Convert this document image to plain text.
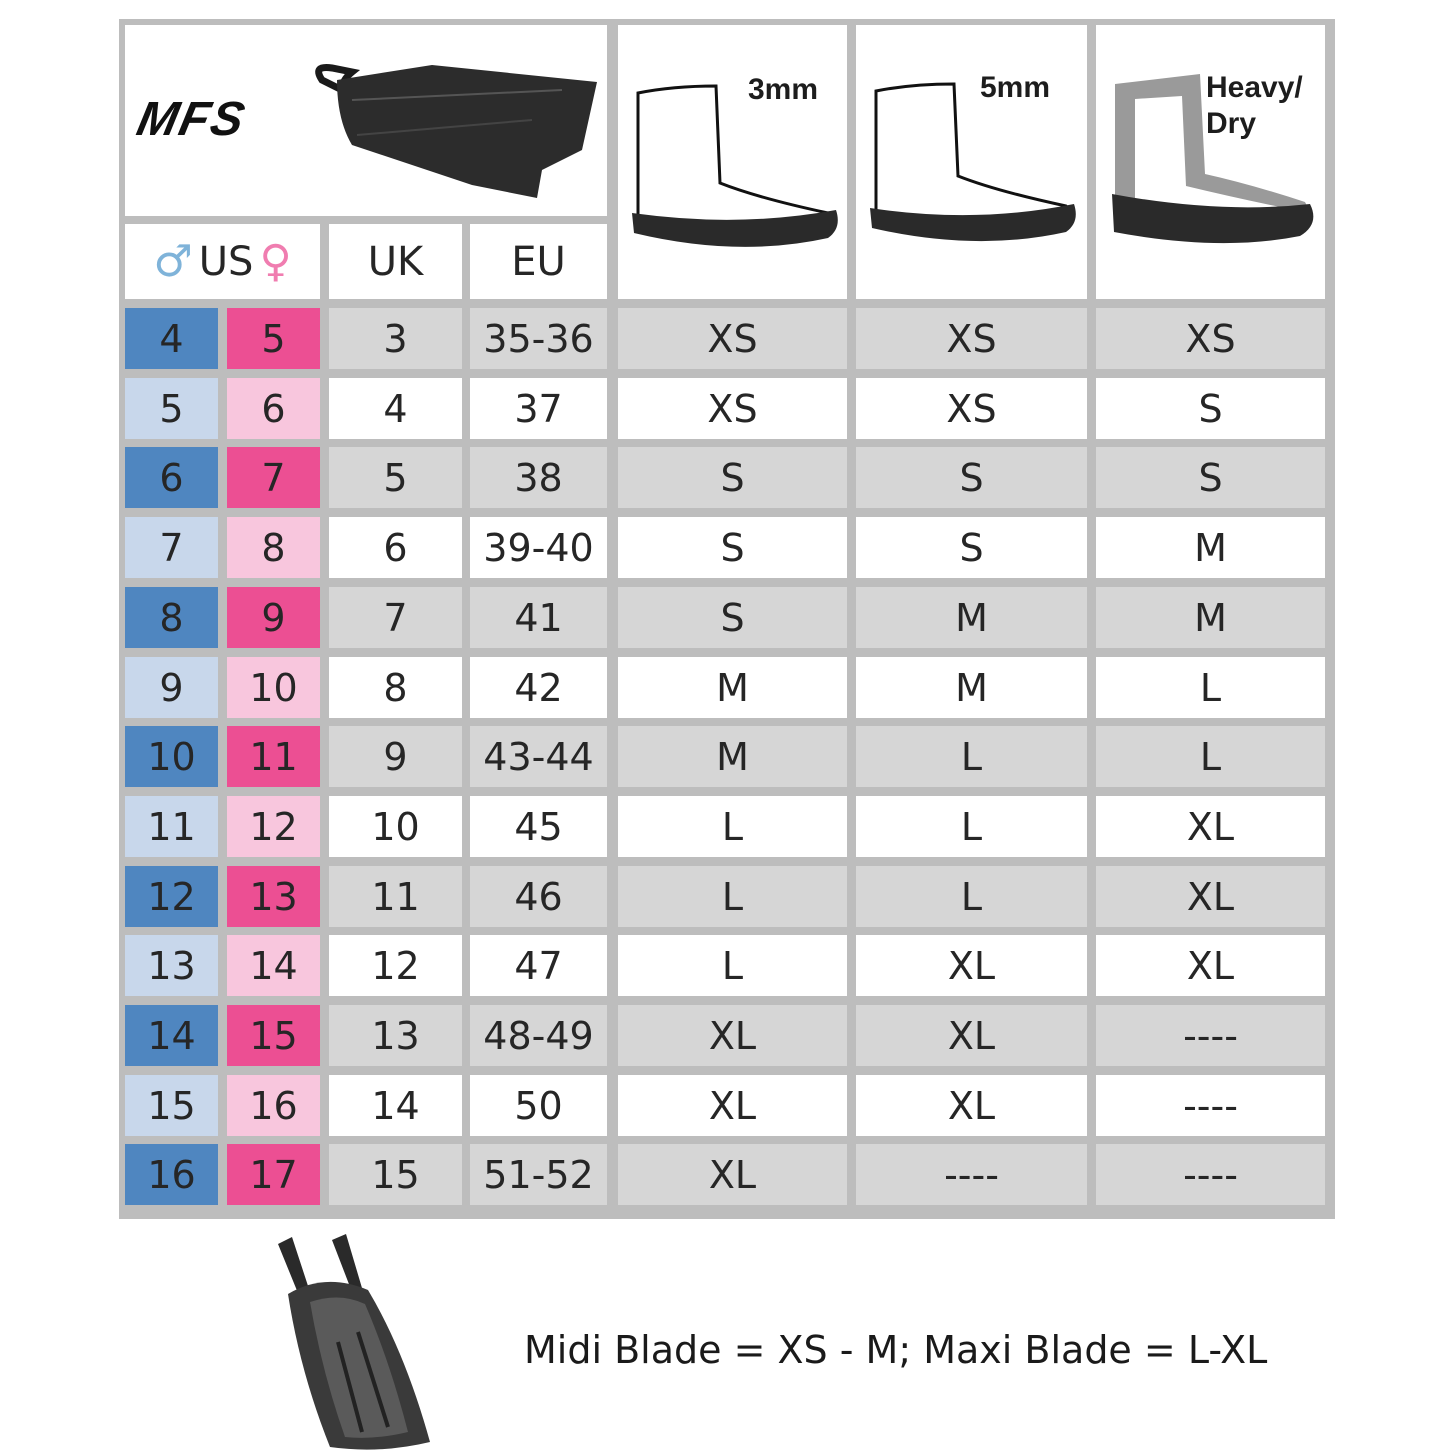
MFS
3mm	5mm	Heavy/
Dry
♂ US ♀	UK	EU
4	5	3	35-36	XS	XS	XS
5	6	4	37	XS	XS	S
6	7	5	38	S	S	S
7	8	6	39-40	S	S	M
8	9	7	41	S	M	M
9	10	8	42	M	M	L
10	11	9	43-44	M	L	L
11	12	10	45	L	L	XL
12	13	11	46	L	L	XL
13	14	12	47	L	XL	XL
14	15	13	48-49	XL	XL	----
15	16	14	50	XL	XL	----
16	17	15	51-52	XL	----	----
Midi Blade = XS - M; Maxi Blade = L-XL
